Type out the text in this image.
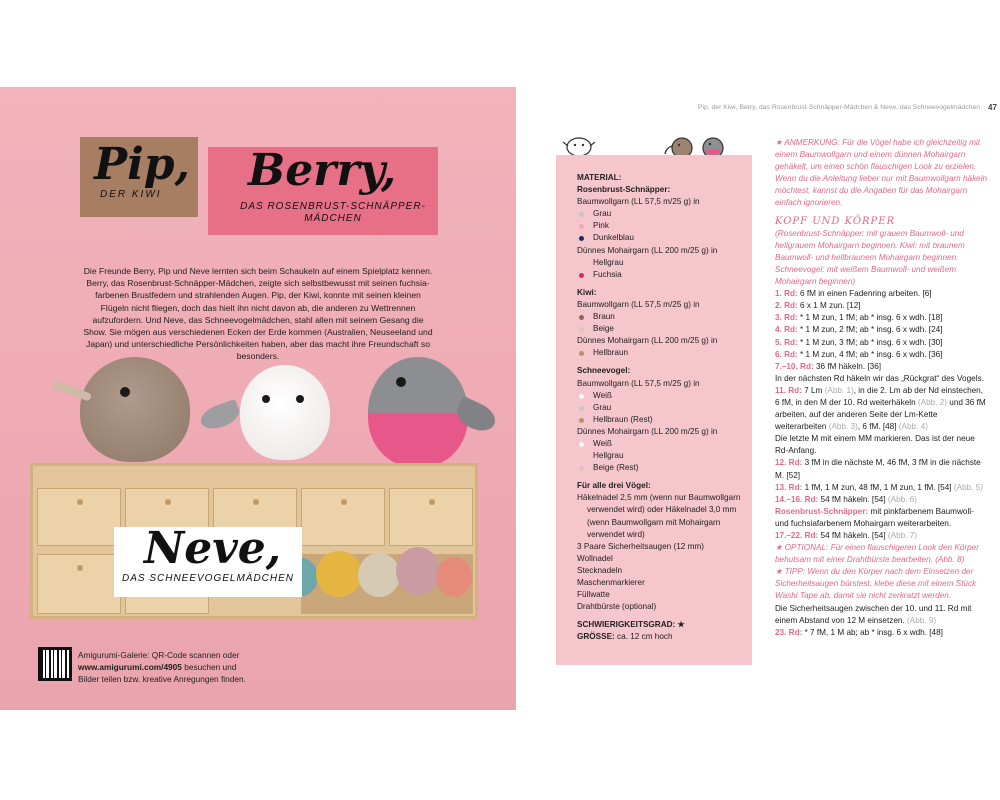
Pip,
DER KIWI Berry,
DAS ROSENBRUST-SCHNÄPPER-MÄDCHEN

Die Freunde Berry, Pip und Neve lernten sich beim Schaukeln auf einem Spielplatz kennen. Berry, das Rosenbrust-Schnäpper-Mädchen, zeigte sich selbstbewusst mit seinen fuchsia-farbenen Brustfedern und strahlenden Augen. Pip, der Kiwi, konnte mit seinen kleinen Flügeln nicht fliegen, doch das hielt ihn nicht davon ab, die anderen zu Wettrennen aufzufordern. Und Neve, das Schneevogelmädchen, stahl allen mit seinem Gesang die Show. Sie mögen aus verschiedenen Ecken der Erde kommen (Australien, Neuseeland und Japan) und unterschiedliche Persönlichkeiten haben, aber das macht ihre Freundschaft so besonders.

Neve,
DAS SCHNEEVOGELMÄDCHEN
Amigurumi-Galerie: QR-Code scannen oder
www.amigurumi.com/4905 besuchen und
Bilder teilen bzw. kreative Anregungen finden.
Pip, der Kiwi, Berry, das Rosenbrust-Schnäpper-Mädchen & Neve, das Schneevogelmädchen 47
MATERIAL:
Rosenbrust-Schnäpper:
Baumwollgarn (LL 57,5 m/25 g) in
Grau
Pink
Dunkelblau
Dünnes Mohairgarn (LL 200 m/25 g) in
Hellgrau
Fuchsia
Kiwi:
Baumwollgarn (LL 57,5 m/25 g) in
Braun
Beige
Dünnes Mohairgarn (LL 200 m/25 g) in
Hellbraun
Schneevogel:
Baumwollgarn (LL 57,5 m/25 g) in
Weiß
Grau
Hellbraun (Rest)
Dünnes Mohairgarn (LL 200 m/25 g) in
Weiß
Hellgrau
Beige (Rest)
Für alle drei Vögel:
Häkelnadel 2,5 mm (wenn nur Baumwollgarn verwendet wird) oder Häkelnadel 3,0 mm (wenn Baumwollgarn mit Mohairgarn verwendet wird)
3 Paare Sicherheitsaugen (12 mm)
Wollnadel
Stecknadeln
Maschenmarkierer
Füllwatte
Drahtbürste (optional)
SCHWIERIGKEITSGRAD: ★
GRÖSSE: ca. 12 cm hoch

★ ANMERKUNG: Für die Vögel habe ich gleichzeitig mit einem Baumwollgarn und einem dünnen Mohairgarn gehäkelt, um einen schön flauschigen Look zu erzielen. Wenn du die Anleitung lieber nur mit Baumwollgarn häkeln möchtest, kannst du die Angaben für das Mohairgarn einfach ignorieren.

KOPF UND KÖRPER

(Rosenbrust-Schnäpper: mit grauem Baumwoll- und hellgrauem Mohairgarn beginnen. Kiwi: mit braunem Baumwoll- und hellbraunem Mohairgarn beginnen. Schneevogel: mit weißem Baumwoll- und weißem Mohairgarn beginnen)

1. Rd: 6 fM in einen Fadenring arbeiten. [6]

2. Rd: 6 x 1 M zun. [12]

3. Rd: * 1 M zun, 1 fM; ab * insg. 6 x wdh. [18]

4. Rd: * 1 M zun, 2 fM; ab * insg. 6 x wdh. [24]

5. Rd: * 1 M zun, 3 fM; ab * insg. 6 x wdh. [30]

6. Rd: * 1 M zun, 4 fM; ab * insg. 6 x wdh. [36]

7.–10. Rd: 36 fM häkeln. [36]

In der nächsten Rd häkeln wir das „Rückgrat“ des Vogels.

11. Rd: 7 Lm (Abb. 1), in die 2. Lm ab der Nd einstechen, 6 fM, in den M der 10. Rd weiterhäkeln (Abb. 2) und 36 fM arbeiten, auf der anderen Seite der Lm-Kette weiterarbeiten (Abb. 3), 6 fM. [48] (Abb. 4)

Die letzte M mit einem MM markieren. Das ist der neue Rd-Anfang.

12. Rd: 3 fM in die nächste M, 46 fM, 3 fM in die nächste M. [52]

13. Rd: 1 fM, 1 M zun, 48 fM, 1 M zun, 1 fM. [54] (Abb. 5)

14.–16. Rd: 54 fM häkeln. [54] (Abb. 6)

Rosenbrust-Schnäpper: mit pinkfarbenem Baumwoll- und fuchsiafarbenem Mohairgarn weiterarbeiten.

17.–22. Rd: 54 fM häkeln. [54] (Abb. 7)

★ OPTIONAL: Für einen flauschigeren Look den Körper behutsam mit einer Drahtbürste bearbeiten. (Abb. 8)

★ TIPP: Wenn du den Körper nach dem Einsetzen der Sicherheitsaugen bürstest, klebe diese mit einem Stück Washi Tape ab, damit sie nicht zerkratzt werden.

Die Sicherheitsaugen zwischen der 10. und 11. Rd mit einem Abstand von 12 M einsetzen. (Abb. 9)

23. Rd: * 7 fM, 1 M ab; ab * insg. 6 x wdh. [48]
